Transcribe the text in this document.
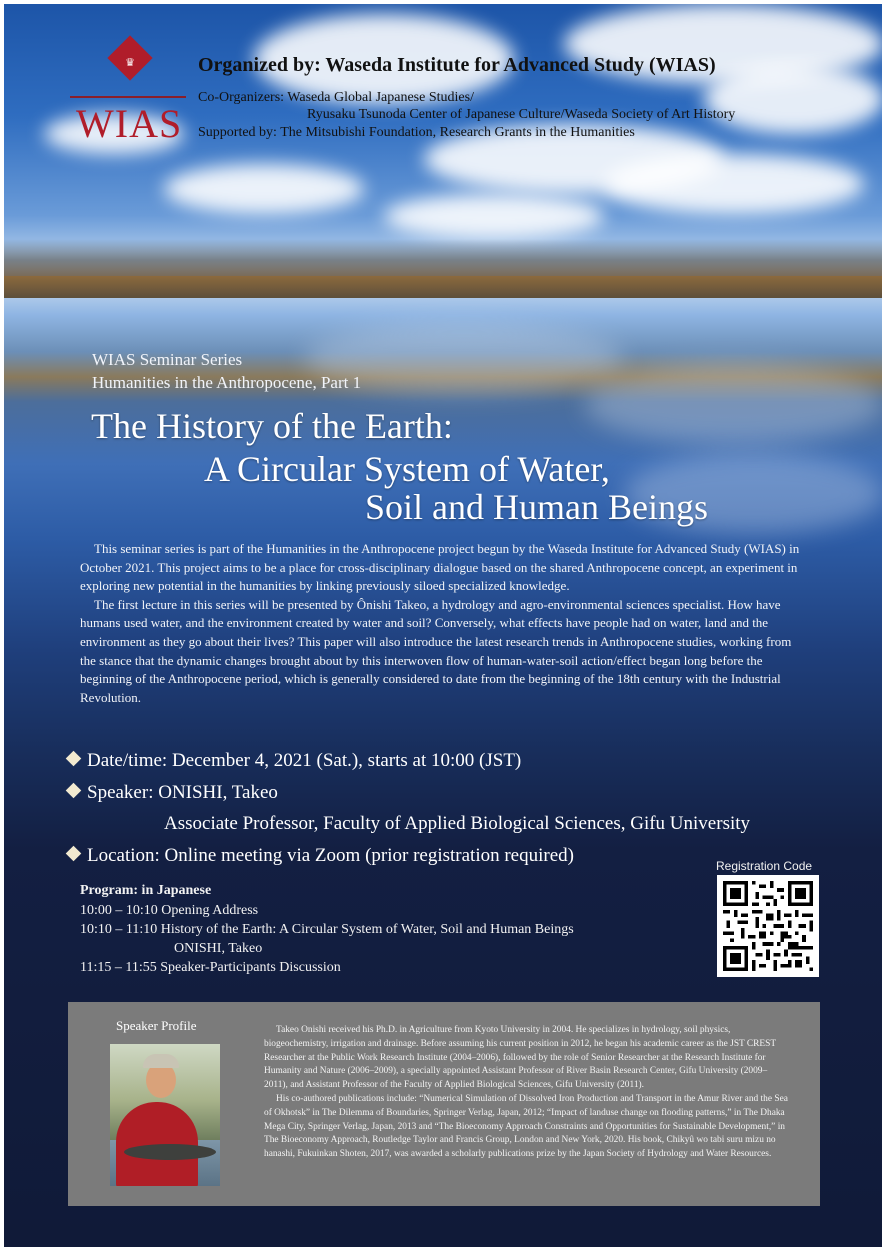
♛
WIAS
Organized by: Waseda Institute for Advanced Study (WIAS)
Co-Organizers: Waseda Global Japanese Studies/
Ryusaku Tsunoda Center of Japanese Culture/Waseda Society of Art History
Supported by: The Mitsubishi Foundation, Research Grants in the Humanities
WIAS Seminar Series
Humanities in the Anthropocene, Part 1
The History of the Earth:
A Circular System of Water,
Soil and Human Beings

This seminar series is part of the Humanities in the Anthropocene project begun by the Waseda Institute for Advanced Study (WIAS) in October 2021. This project aims to be a place for cross-disciplinary dialogue based on the shared Anthropocene concept, an experiment in exploring new potential in the humanities by linking previously siloed specialized knowledge.

The first lecture in this series will be presented by Ônishi Takeo, a hydrology and agro-environmental sciences specialist. How have humans used water, and the environment created by water and soil? Conversely, what effects have people had on water, land and the environment as they go about their lives? This paper will also introduce the latest research trends in Anthropocene studies, working from the stance that the dynamic changes brought about by this interwoven flow of human-water-soil action/effect began long before the beginning of the Anthropocene period, which is generally considered to date from the beginning of the 18th century with the Industrial Revolution.

Date/time: December 4, 2021 (Sat.), starts at 10:00 (JST)
Speaker: ONISHI, Takeo
Associate Professor, Faculty of Applied Biological Sciences, Gifu University
Location: Online meeting via Zoom (prior registration required)	Registration Code
Program: in Japanese
10:00 – 10:10 Opening Address
10:10 – 11:10 History of the Earth: A Circular System of Water, Soil and Human Beings
ONISHI, Takeo
11:15 – 11:55 Speaker-Participants Discussion
Speaker Profile	Takeo Onishi received his Ph.D. in Agriculture from Kyoto University in 2004. He specializes in hydrology, soil physics, biogeochemistry, irrigation and drainage. Before assuming his current position in 2012, he began his academic career as the JST CREST Researcher at the Public Work Research Institute (2004–2006), followed by the role of Senior Researcher at the Research Institute for Humanity and Nature (2006–2009), a specially appointed Assistant Professor of River Basin Research Center, Gifu University (2009–2011), and Assistant Professor of the Faculty of Applied Biological Sciences, Gifu University (2011).

His co-authored publications include: “Numerical Simulation of Dissolved Iron Production and Transport in the Amur River and the Sea of Okhotsk” in The Dilemma of Boundaries, Springer Verlag, Japan, 2012; “Impact of landuse change on flooding patterns,” in The Dhaka Mega City, Springer Verlag, Japan, 2013 and “The Bioeconomy Approach Constraints and Opportunities for Sustainable Development,” in The Bioeconomy Approach, Routledge Taylor and Francis Group, London and New York, 2020. His book, Chikyû wo tabi suru mizu no hanashi, Fukuinkan Shoten, 2017, was awarded a scholarly publications prize by the Japan Society of Hydrology and Water Resources.
